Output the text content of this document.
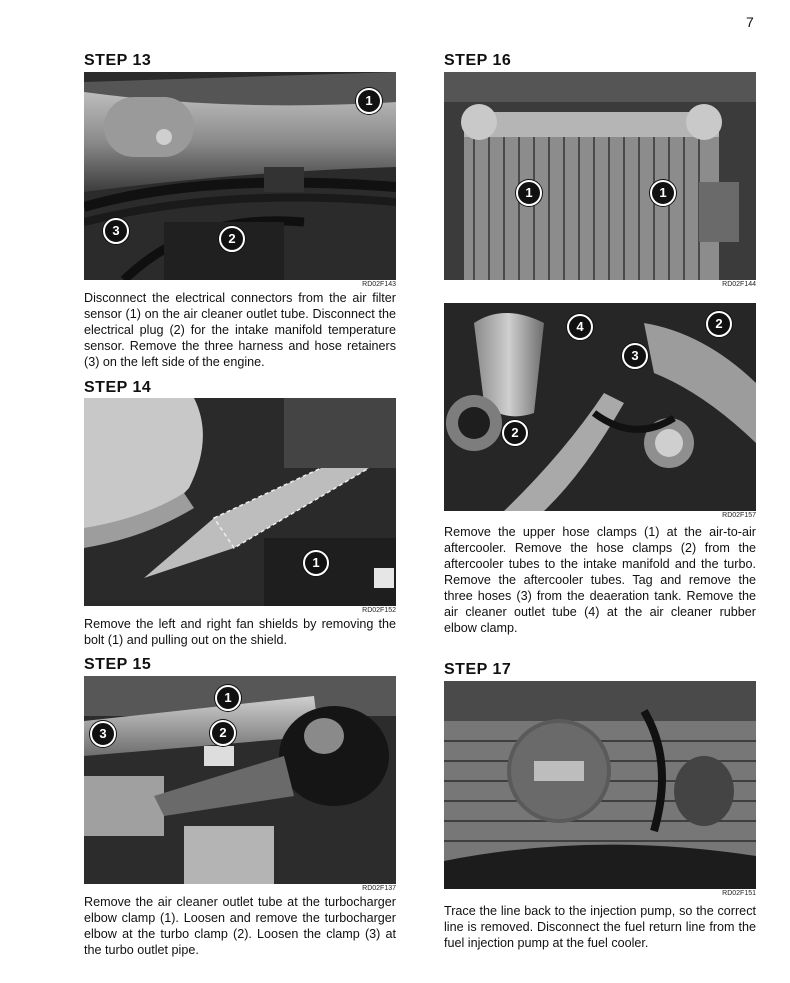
7
STEP 13
1
2
3
RD02F143
Disconnect the electrical connectors from the air filter sensor (1) on the air cleaner outlet tube. Disconnect the electrical plug (2) for the intake manifold temperature sensor. Remove the three harness and hose retainers (3) on the left side of the engine.
STEP 14
1
RD02F152
Remove the left and right fan shields by removing the bolt (1) and pulling out on the shield.
STEP 15
1
2
3
RD02F137
Remove the air cleaner outlet tube at the turbocharger elbow clamp (1). Loosen and remove the turbocharger elbow at the turbo clamp (2). Loosen the clamp (3) at the turbo outlet pipe.
STEP 16
1	1
RD02F144
4	2
3
2
RD02F157
Remove the upper hose clamps (1) at the air-to-air aftercooler. Remove the hose clamps (2) from the aftercooler tubes to the intake manifold and the turbo. Remove the aftercooler tubes. Tag and remove the three hoses (3) from the deaeration tank. Remove the air cleaner outlet tube (4) at the air cleaner rubber elbow clamp.
STEP 17
RD02F151
Trace the line back to the injection pump, so the correct line is removed. Disconnect the fuel return line from the fuel injection pump at the fuel cooler.
